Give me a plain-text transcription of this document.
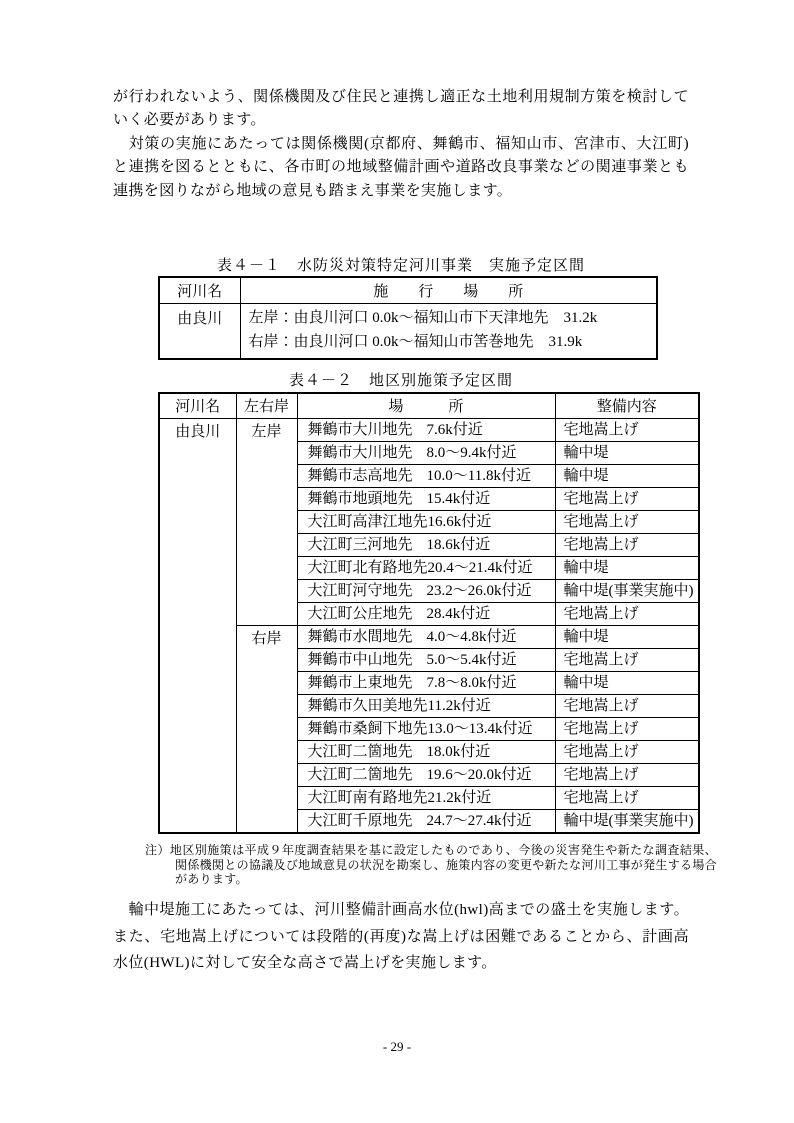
が行われないよう、関係機関及び住民と連携し適正な土地利用規制方策を検討していく必要があります。

　対策の実施にあたっては関係機関(京都府、舞鶴市、福知山市、宮津市、大江町)と連携を図るとともに、各市町の地域整備計画や道路改良事業などの関連事業とも連携を図りながら地域の意見も踏まえ事業を実施します。

表４－１　水防災対策特定河川事業　実施予定区間
河川名	施　　行　　場　　所
由良川	左岸：由良川河口 0.0k～福知山市下天津地先　31.2k
右岸：由良川河口 0.0k～福知山市筈巻地先　31.9k
表４－２　地区別施策予定区間
河川名	左右岸	場　　　所	整備内容
由良川	左岸	舞鶴市大川地先 7.6k付近	宅地嵩上げ
		舞鶴市大川地先 8.0～9.4k付近	輪中堤
		舞鶴市志高地先 10.0～11.8k付近	輪中堤
		舞鶴市地頭地先 15.4k付近	宅地嵩上げ
		大江町高津江地先16.6k付近	宅地嵩上げ
		大江町三河地先 18.6k付近	宅地嵩上げ
		大江町北有路地先20.4～21.4k付近	輪中堤
		大江町河守地先 23.2～26.0k付近	輪中堤(事業実施中)
		大江町公庄地先 28.4k付近	宅地嵩上げ
	右岸	舞鶴市水間地先 4.0～4.8k付近	輪中堤
		舞鶴市中山地先 5.0～5.4k付近	宅地嵩上げ
		舞鶴市上東地先 7.8～8.0k付近	輪中堤
		舞鶴市久田美地先11.2k付近	宅地嵩上げ
		舞鶴市桑飼下地先13.0～13.4k付近	宅地嵩上げ
		大江町二箇地先 18.0k付近	宅地嵩上げ
		大江町二箇地先 19.6～20.0k付近	宅地嵩上げ
		大江町南有路地先21.2k付近	宅地嵩上げ
		大江町千原地先 24.7～27.4k付近	輪中堤(事業実施中)
注）地区別施策は平成９年度調査結果を基に設定したものであり、今後の災害発生や新たな調査結果、関係機関との協議及び地域意見の状況を勘案し、施策内容の変更や新たな河川工事が発生する場合があります。
　輪中堤施工にあたっては、河川整備計画高水位(hwl)高までの盛土を実施します。また、宅地嵩上げについては段階的(再度)な嵩上げは困難であることから、計画高水位(HWL)に対して安全な高さで嵩上げを実施します。
- 29 -
